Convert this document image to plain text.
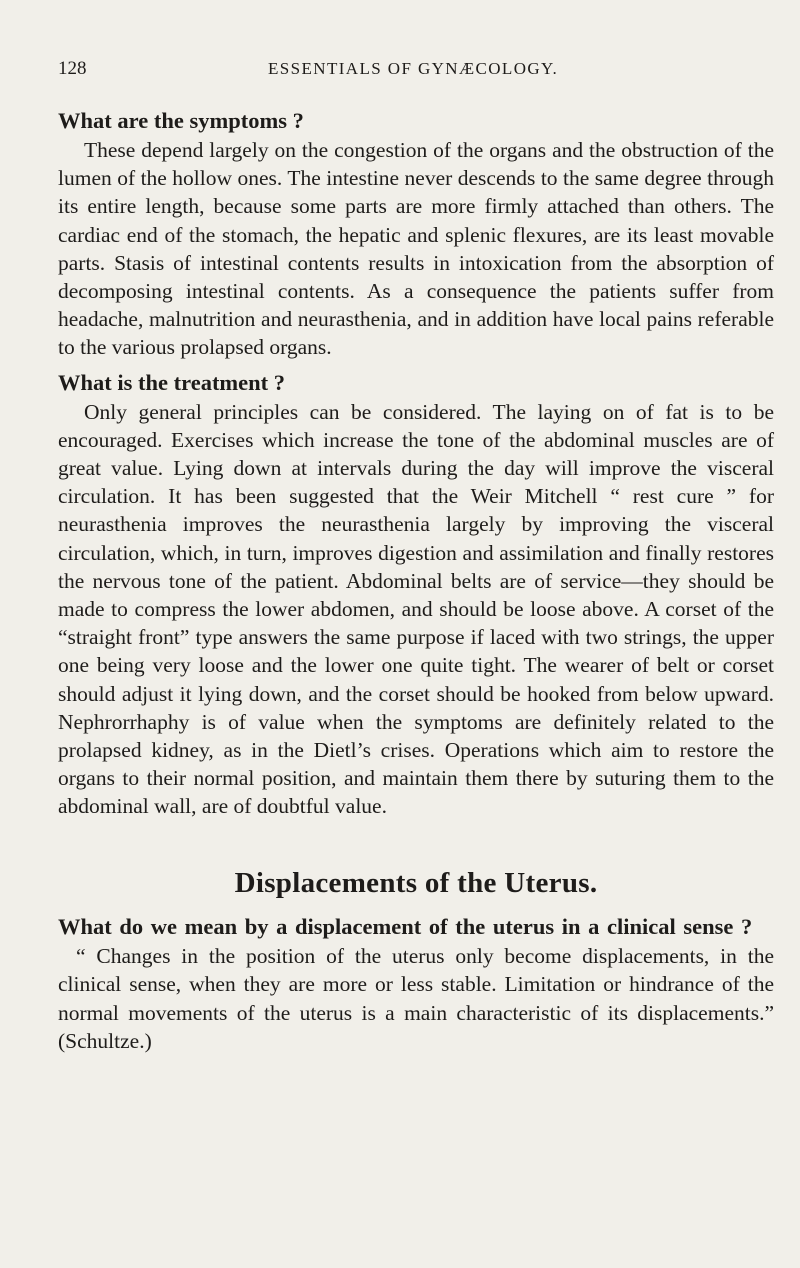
128	ESSENTIALS OF GYNÆCOLOGY.

What are the symptoms ?

These depend largely on the congestion of the organs and the obstruction of the lumen of the hollow ones. The intestine never descends to the same degree through its entire length, because some parts are more firmly attached than others. The cardiac end of the stomach, the hepatic and splenic flexures, are its least movable parts. Stasis of intestinal contents results in intoxication from the absorption of decomposing intestinal contents. As a consequence the patients suffer from headache, malnutrition and neurasthenia, and in addition have local pains referable to the various prolapsed organs.

What is the treatment ?

Only general principles can be considered. The laying on of fat is to be encouraged. Exercises which increase the tone of the abdominal muscles are of great value. Lying down at intervals during the day will improve the visceral circulation. It has been suggested that the Weir Mitchell “ rest cure ” for neurasthenia improves the neurasthenia largely by improving the visceral circulation, which, in turn, improves digestion and assimilation and finally restores the nervous tone of the patient. Abdominal belts are of service—they should be made to compress the lower abdomen, and should be loose above. A corset of the “straight front” type answers the same purpose if laced with two strings, the upper one being very loose and the lower one quite tight. The wearer of belt or corset should adjust it lying down, and the corset should be hooked from below upward. Nephrorrhaphy is of value when the symptoms are definitely related to the prolapsed kidney, as in the Dietl’s crises. Operations which aim to restore the organs to their normal position, and maintain them there by suturing them to the abdominal wall, are of doubtful value.

Displacements of the Uterus.

What do we mean by a displacement of the uterus in a clinical sense ?

“ Changes in the position of the uterus only become displacements, in the clinical sense, when they are more or less stable. Limitation or hindrance of the normal movements of the uterus is a main characteristic of its displacements.” (Schultze.)
